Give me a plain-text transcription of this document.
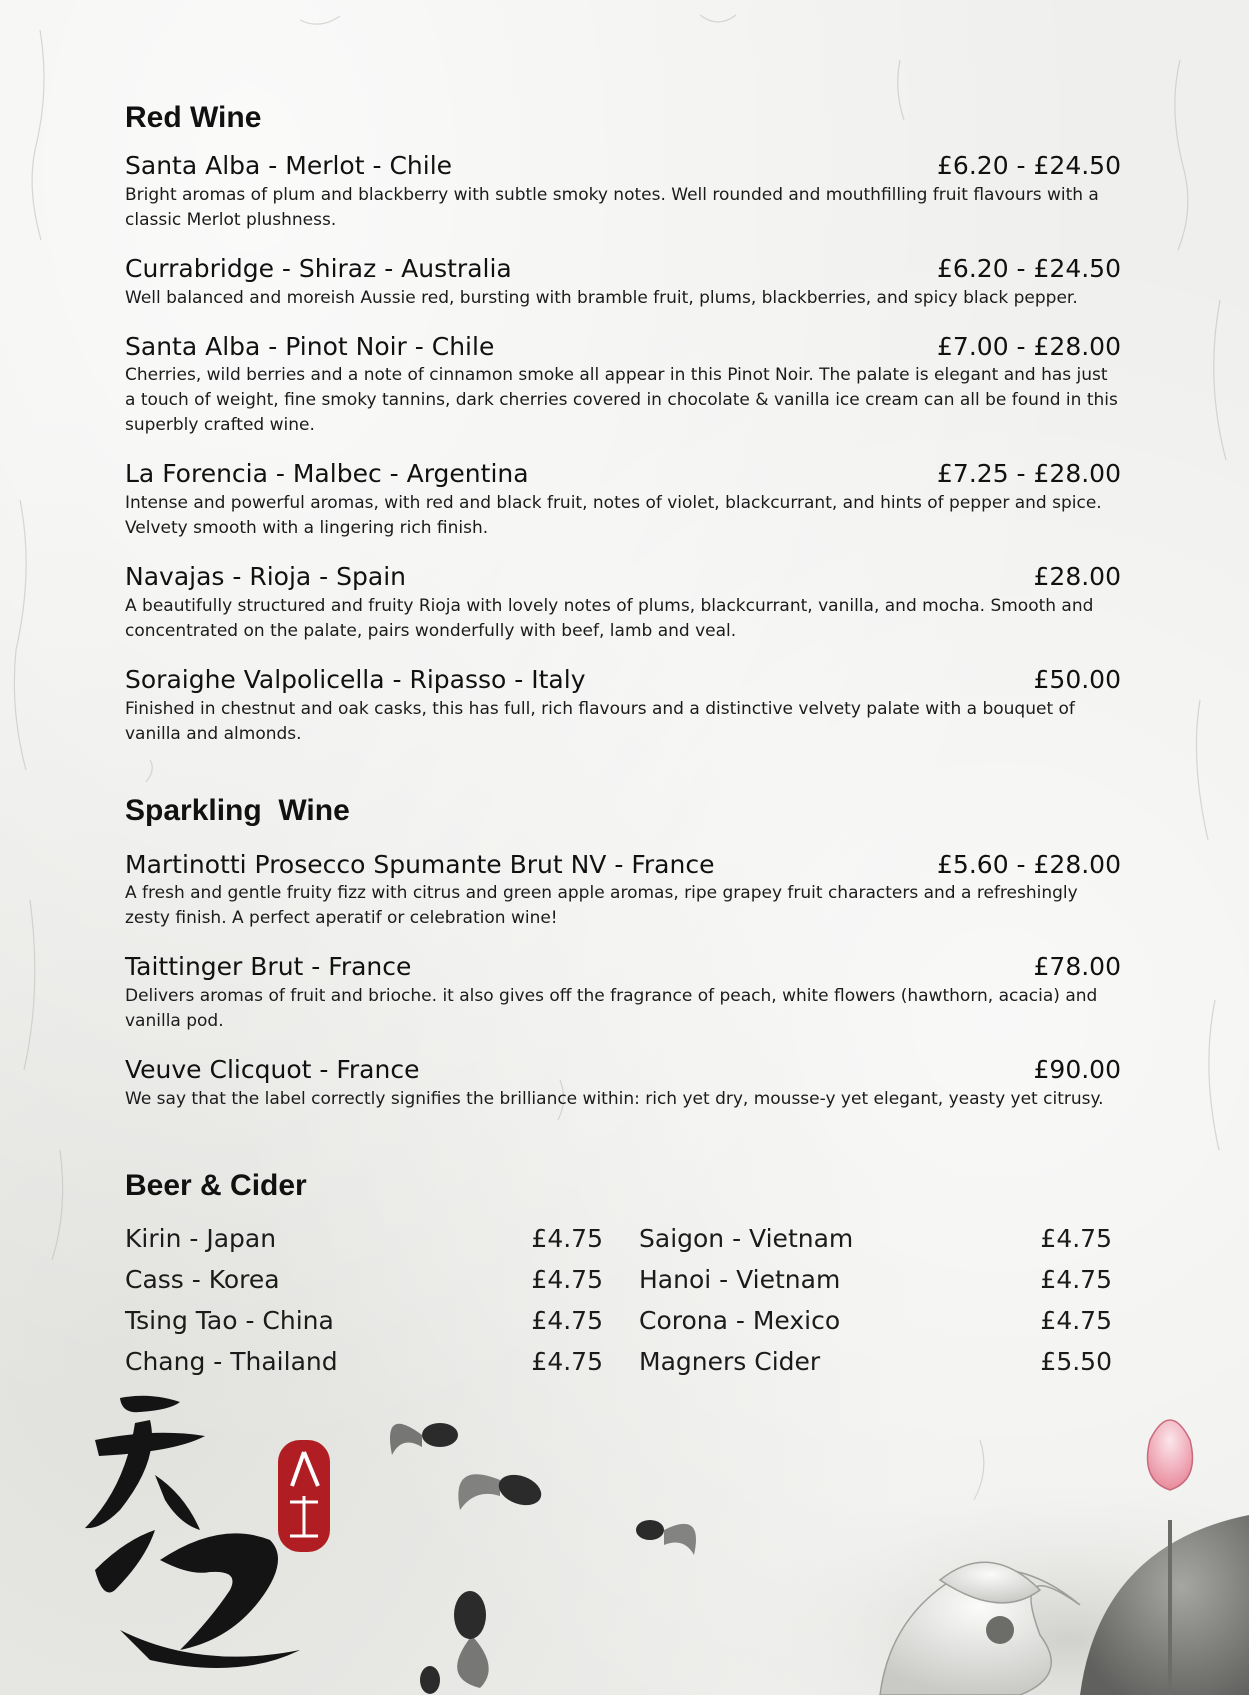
Red Wine
Santa Alba - Merlot - Chile	£6.20 - £24.50

Bright aromas of plum and blackberry with subtle smoky notes. Well rounded and mouthfilling fruit flavours with a classic Merlot plushness.

Currabridge - Shiraz - Australia	£6.20 - £24.50

Well balanced and moreish Aussie red, bursting with bramble fruit, plums, blackberries, and spicy black pepper.

Santa Alba - Pinot Noir - Chile	£7.00 - £28.00

Cherries, wild berries and a note of cinnamon smoke all appear in this Pinot Noir. The palate is elegant and has just a touch of weight, fine smoky tannins, dark cherries covered in chocolate & vanilla ice cream can all be found in this superbly crafted wine.

La Forencia - Malbec - Argentina	£7.25 - £28.00

Intense and powerful aromas, with red and black fruit, notes of violet, blackcurrant, and hints of pepper and spice. Velvety smooth with a lingering rich finish.

Navajas - Rioja - Spain	£28.00

A beautifully structured and fruity Rioja with lovely notes of plums, blackcurrant, vanilla, and mocha. Smooth and concentrated on the palate, pairs wonderfully with beef, lamb and veal.

Soraighe Valpolicella - Ripasso - Italy	£50.00

Finished in chestnut and oak casks, this has full, rich flavours and a distinctive velvety palate with a bouquet of vanilla and almonds.

Sparkling  Wine
Martinotti Prosecco Spumante Brut NV - France	£5.60 - £28.00

A fresh and gentle fruity fizz with citrus and green apple aromas, ripe grapey fruit characters and a refreshingly zesty finish. A perfect aperatif or celebration wine!

Taittinger Brut - France	£78.00

Delivers aromas of fruit and brioche. it also gives off the fragrance of peach, white flowers (hawthorn, acacia) and vanilla pod.

Veuve Clicquot - France	£90.00

We say that the label correctly signifies the brilliance within: rich yet dry, mousse-y yet elegant, yeasty yet citrusy.

Beer & Cider
Kirin - Japan	£4.75
Cass - Korea	£4.75
Tsing Tao - China	£4.75
Chang - Thailand	£4.75
Saigon - Vietnam	£4.75
Hanoi - Vietnam	£4.75
Corona - Mexico	£4.75
Magners Cider	£5.50
